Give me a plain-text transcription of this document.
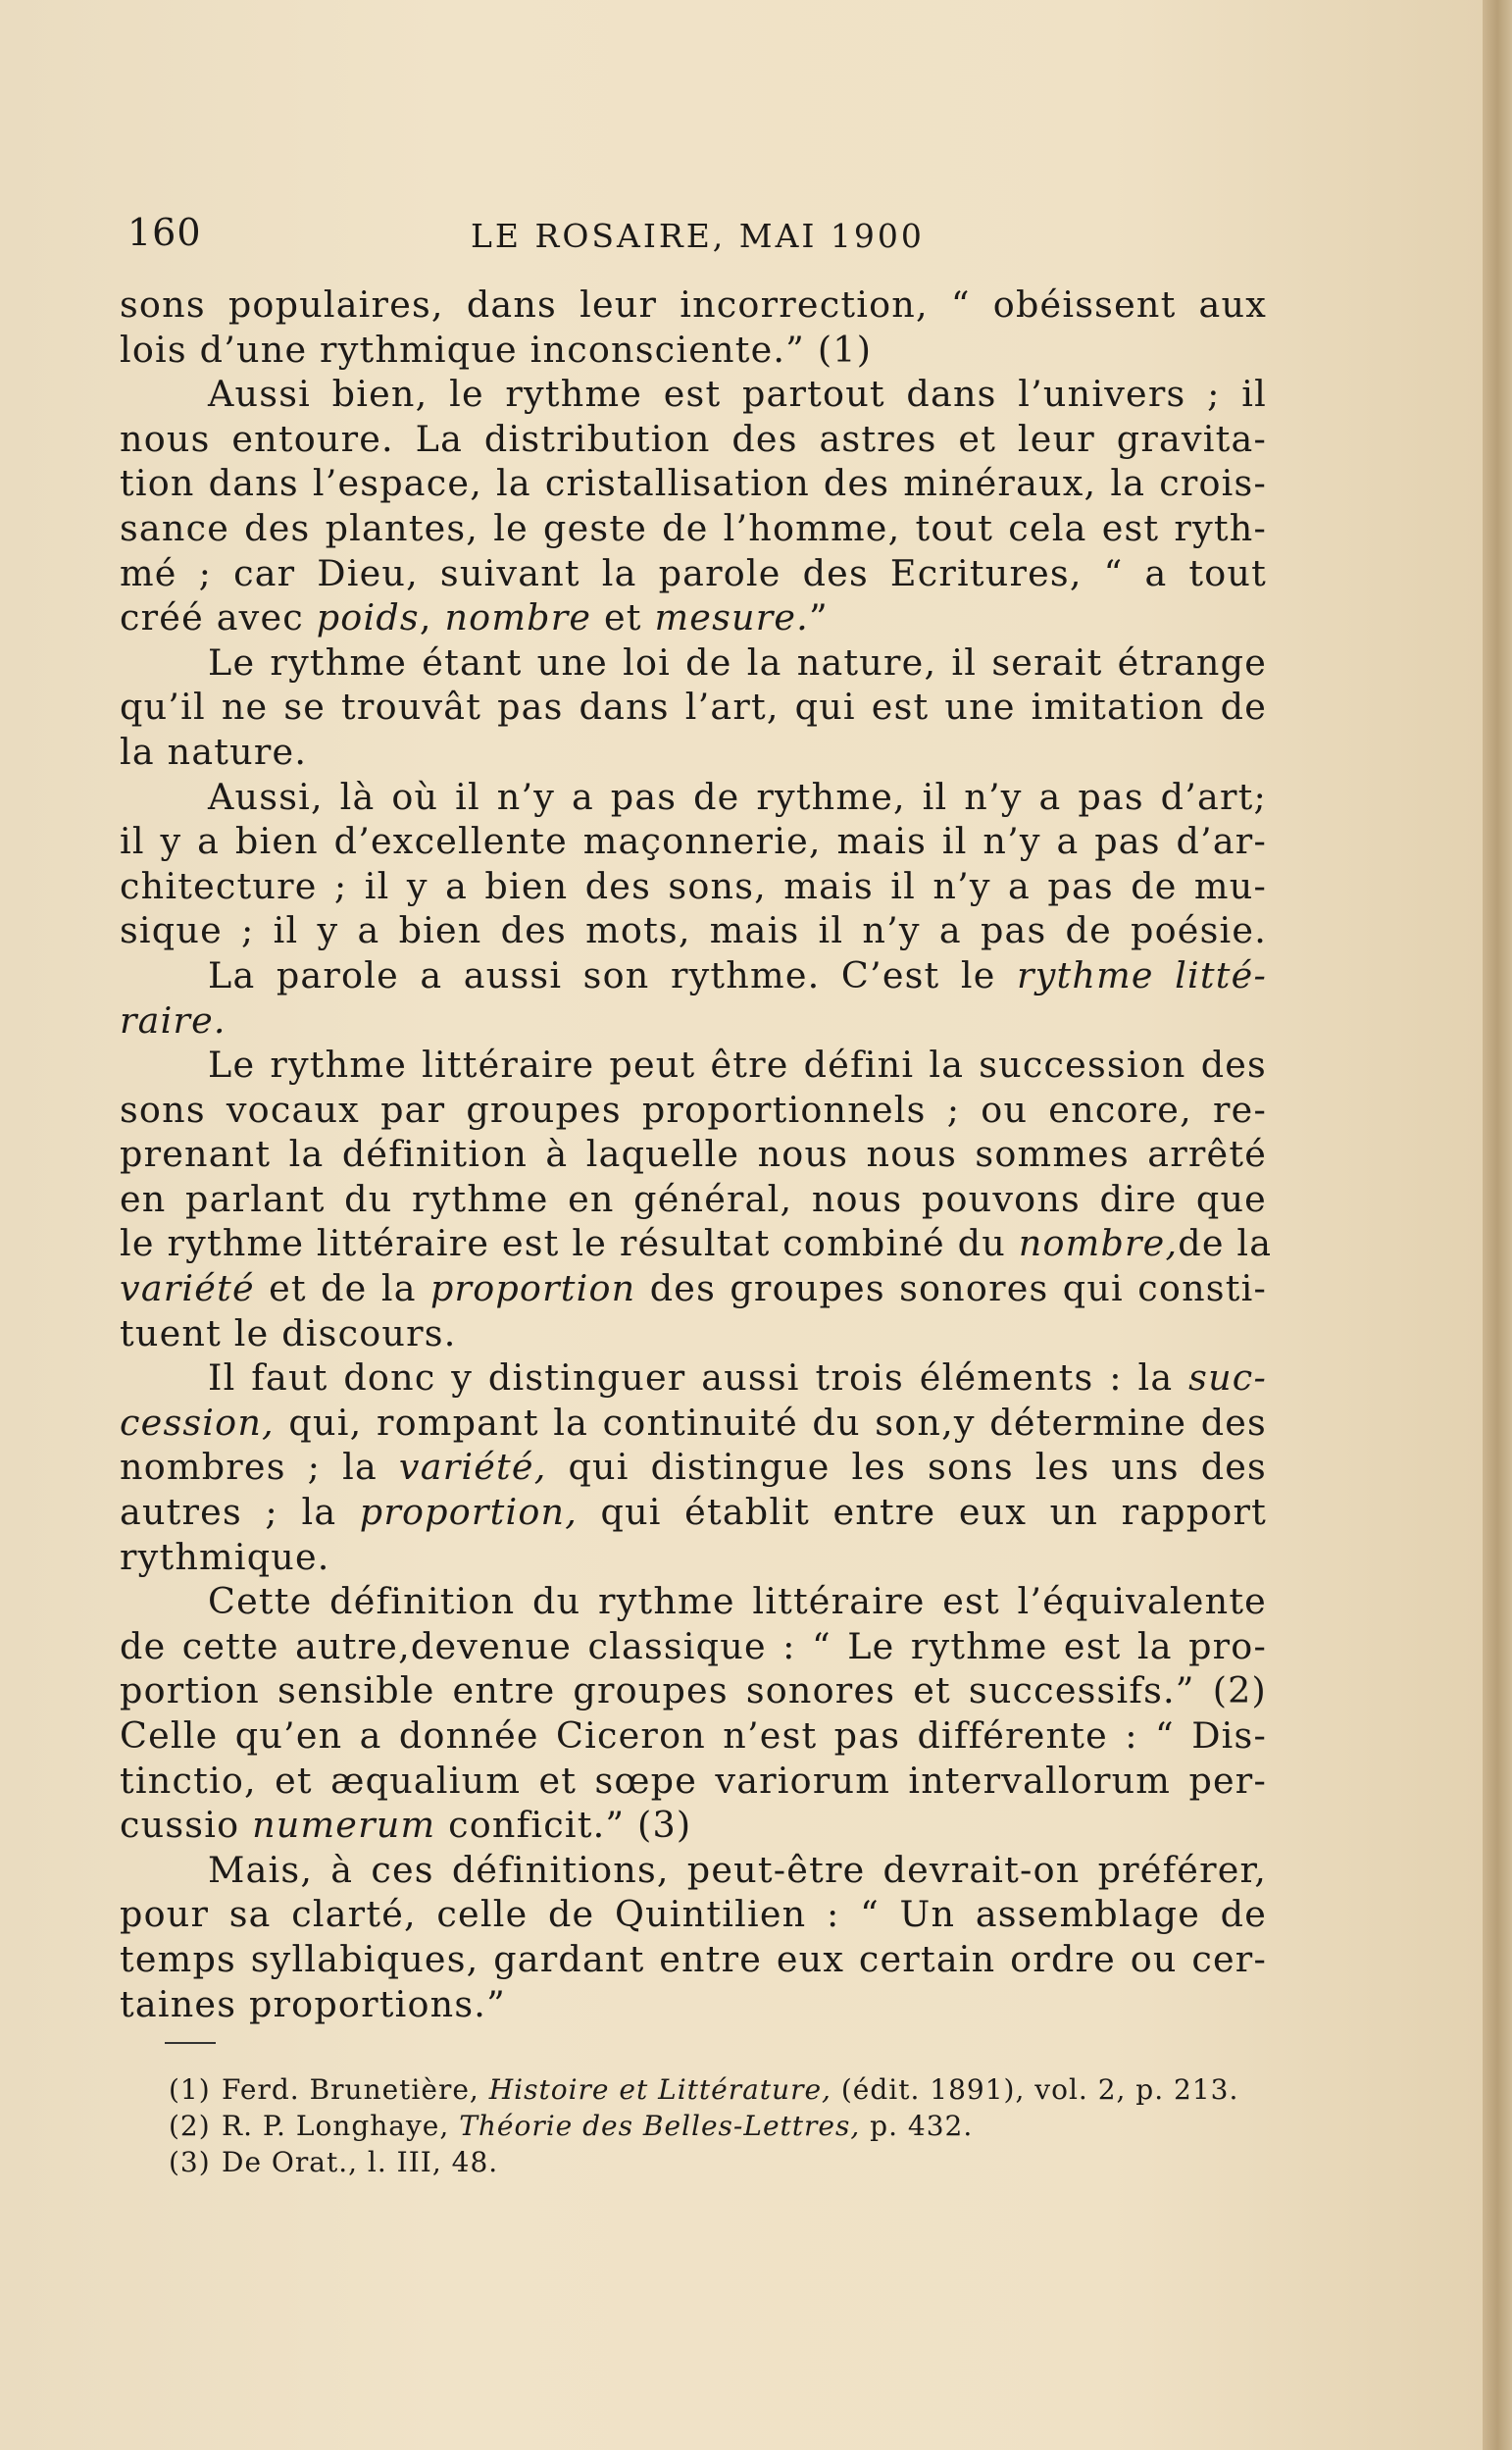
160	LE ROSAIRE, MAI 1900
sons populaires, dans leur incorrection, “ obéissent aux
lois d’une rythmique inconsciente.” (1)
Aussi bien, le rythme est partout dans l’univers ; il
nous entoure. La distribution des astres et leur gravita-
tion dans l’espace, la cristallisation des minéraux, la crois-
sance des plantes, le geste de l’homme, tout cela est ryth-
mé ; car Dieu, suivant la parole des Ecritures, “ a tout
créé avec poids, nombre et mesure.”
Le rythme étant une loi de la nature, il serait étrange
qu’il ne se trouvât pas dans l’art, qui est une imitation de
la nature.
Aussi, là où il n’y a pas de rythme, il n’y a pas d’art;
il y a bien d’excellente maçonnerie, mais il n’y a pas d’ar-
chitecture ; il y a bien des sons, mais il n’y a pas de mu-
sique ; il y a bien des mots, mais il n’y a pas de poésie.
La parole a aussi son rythme. C’est le rythme litté-
raire.
Le rythme littéraire peut être défini la succession des
sons vocaux par groupes proportionnels ; ou encore, re-
prenant la définition à laquelle nous nous sommes arrêté
en parlant du rythme en général, nous pouvons dire que
le rythme littéraire est le résultat combiné du nombre,de la
variété et de la proportion des groupes sonores qui consti-
tuent le discours.
Il faut donc y distinguer aussi trois éléments : la suc-
cession, qui, rompant la continuité du son,y détermine des
nombres ; la variété, qui distingue les sons les uns des
autres ; la proportion, qui établit entre eux un rapport
rythmique.
Cette définition du rythme littéraire est l’équivalente
de cette autre,devenue classique : “ Le rythme est la pro-
portion sensible entre groupes sonores et successifs.” (2)
Celle qu’en a donnée Ciceron n’est pas différente : “ Dis-
tinctio, et æqualium et sœpe variorum intervallorum per-
cussio numerum conficit.” (3)
Mais, à ces définitions, peut-être devrait-on préférer,
pour sa clarté, celle de Quintilien : “ Un assemblage de
temps syllabiques, gardant entre eux certain ordre ou cer-
taines proportions.”
(1) Ferd. Brunetière, Histoire et Littérature, (édit. 1891), vol. 2, p. 213.
(2) R. P. Longhaye, Théorie des Belles-Lettres, p. 432.
(3) De Orat., l. III, 48.
